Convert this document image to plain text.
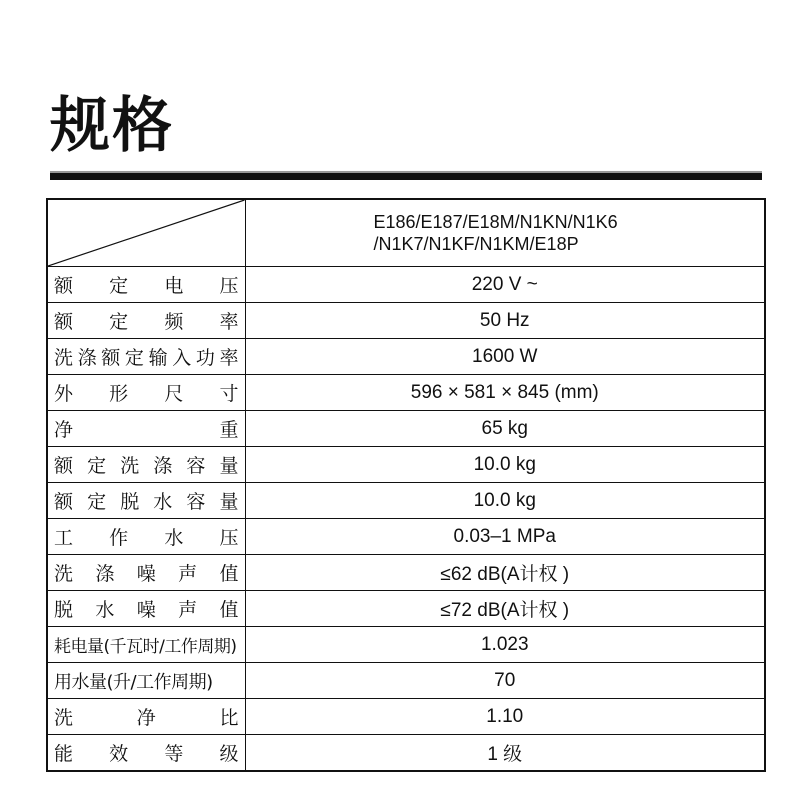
规格

E186/E187/E18M/N1KN/N1K6
/N1K7/N1KF/N1KM/E18P

额 定 电 压	220 V ~
额 定 频 率	50 Hz
洗涤额定输入功率	1600 W
外 形 尺 寸	596 × 581 × 845 (mm)
净 重	65 kg
额 定 洗 涤 容 量	10.0 kg
额 定 脱 水 容 量	10.0 kg
工 作 水 压	0.03–1 MPa
洗 涤 噪 声 值	≤62 dB(A计权 )
脱 水 噪 声 值	≤72 dB(A计权 )
耗电量(千瓦时/工作周期)	1.023
用水量(升/工作周期)	70
洗 净 比	1.10
能 效 等 级	1 级
